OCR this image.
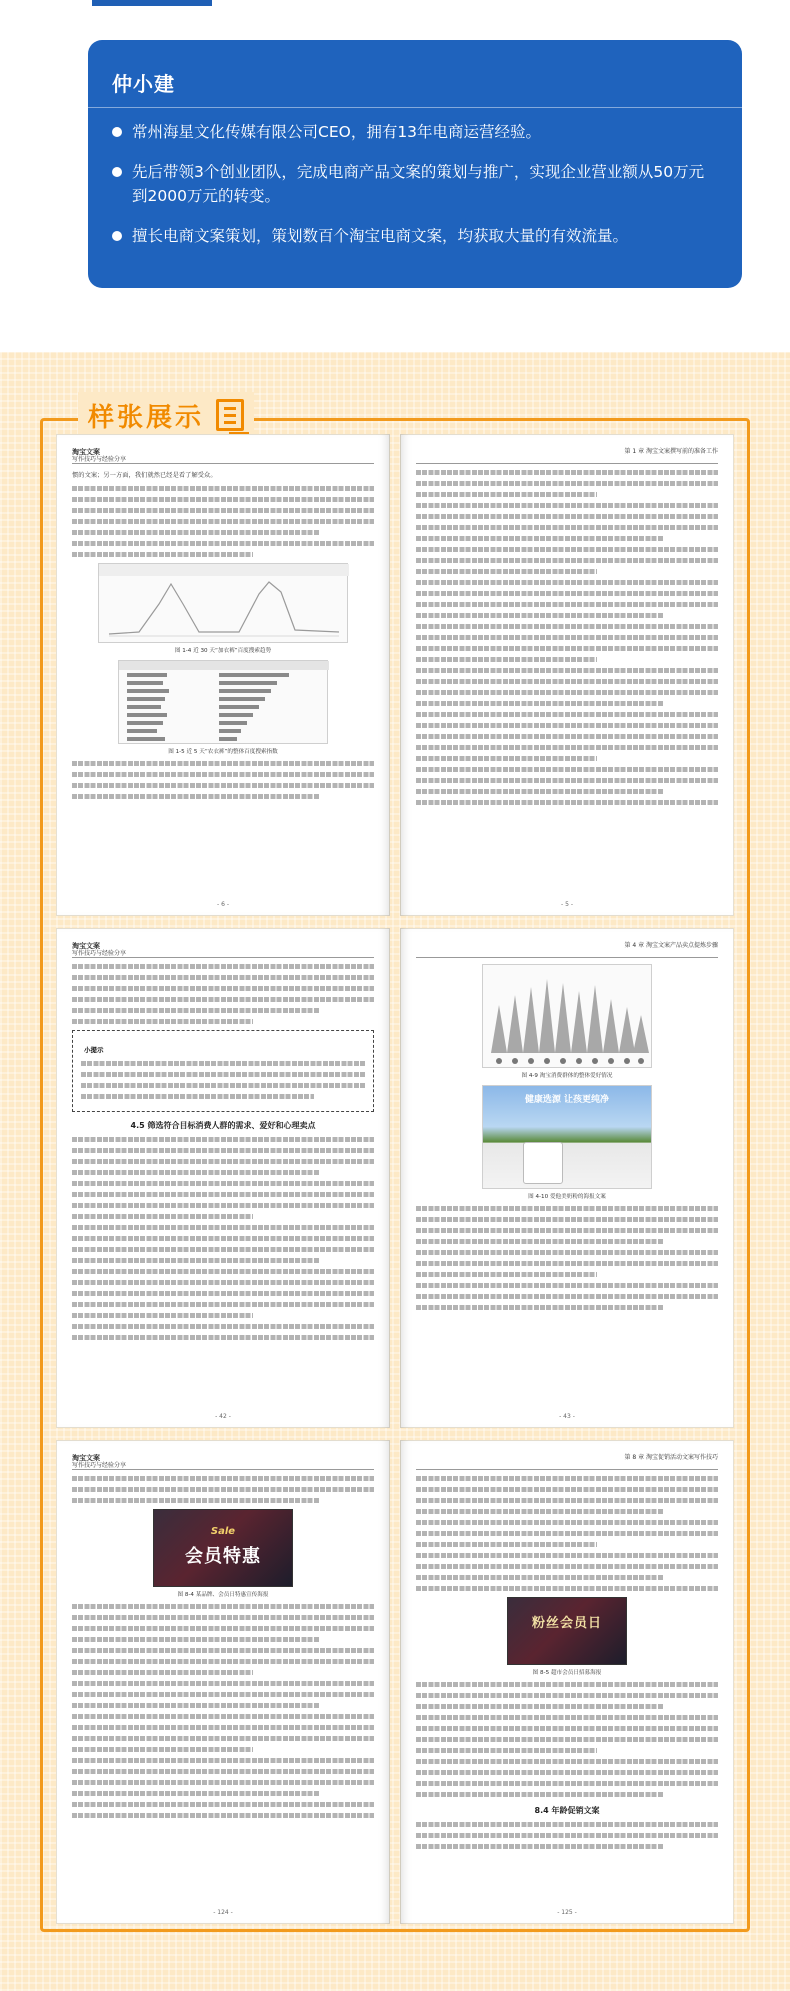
仲小建
常州海星文化传媒有限公司CEO，拥有13年电商运营经验。
先后带领3个创业团队，完成电商产品文案的策划与推广，实现企业营业额从50万元到2000万元的转变。
擅长电商文案策划，策划数百个淘宝电商文案，均获取大量的有效流量。
样张展示
淘宝文案
写作技巧与经验分享
惯的文案；另一方面，我们就然已经是看了解受众。
图 1-4 近 30 天“加衣裤”百度搜索趋势
图 1-5 近 5 天“农衣裤”的整体百度搜索指数
- 6 -
第 1 章 淘宝文案撰写前的准备工作
- 5 -
淘宝文案
写作技巧与经验分享
小提示
4.5 筛选符合目标消费人群的需求、爱好和心理卖点
- 42 -
第 4 章 淘宝文案产品卖点提炼步骤
图 4-9 淘宝消费群体的整体爱好情况
健康选源 让孩更纯净
图 4-10 爱他美奶粉的海报文案
- 43 -
淘宝文案
写作技巧与经验分享
Sale
会员特惠
图 8-4 某品牌、会员日特惠宣传海报
- 124 -
第 8 章 淘宝促销活动文案写作技巧
粉丝会员日
图 8-5 超市会员日招募海报
8.4 年龄促销文案
- 125 -
